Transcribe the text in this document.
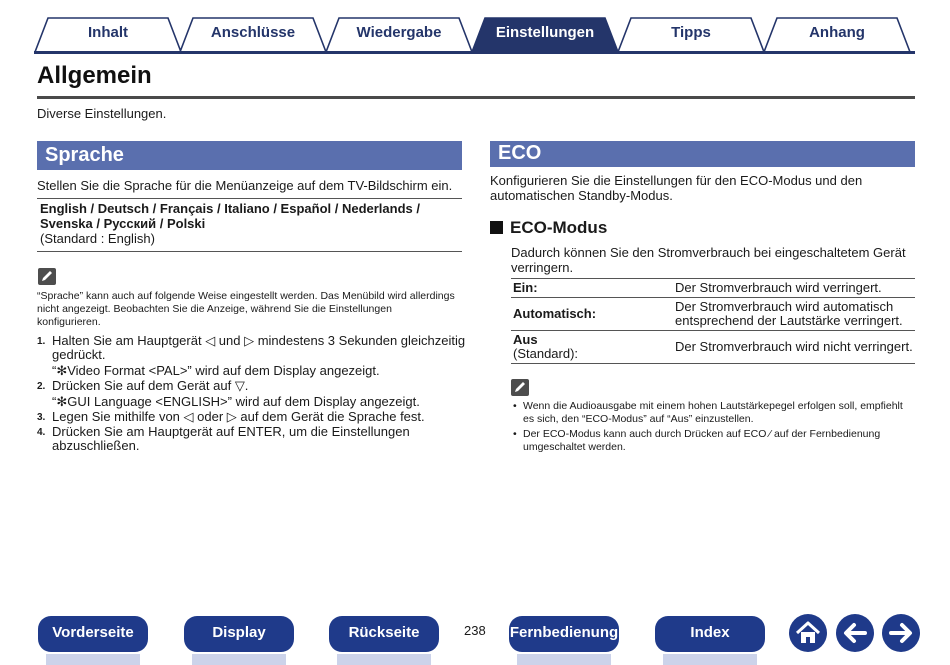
Inhalt	Anschlüsse	Wiedergabe	Einstellungen	Tipps	Anhang
Allgemein
Diverse Einstellungen.
Sprache
Stellen Sie die Sprache für die Menüanzeige auf dem TV-Bildschirm ein.
English / Deutsch / Français / Italiano / Español / Nederlands /
Svenska / Русский / Polski
(Standard : English)
“Sprache” kann auch auf folgende Weise eingestellt werden. Das Menübild wird allerdings nicht angezeigt. Beobachten Sie die Anzeige, während Sie die Einstellungen konfigurieren.
1. Halten Sie am Hauptgerät ◁ und ▷ mindestens 3 Sekunden gleichzeitig gedrückt.
“✻Video Format <PAL>” wird auf dem Display angezeigt.
2. Drücken Sie auf dem Gerät auf ▽.
“✻GUI Language <ENGLISH>” wird auf dem Display angezeigt.
3. Legen Sie mithilfe von ◁ oder ▷ auf dem Gerät die Sprache fest.
4. Drücken Sie am Hauptgerät auf ENTER, um die Einstellungen abzuschließen.
ECO
Konfigurieren Sie die Einstellungen für den ECO-Modus und den automatischen Standby-Modus.
ECO-Modus
Dadurch können Sie den Stromverbrauch bei eingeschaltetem Gerät verringern.
Ein:	Der Stromverbrauch wird verringert.
Automatisch:	Der Stromverbrauch wird automatisch entsprechend der Lautstärke verringert.
Aus
(Standard):	Der Stromverbrauch wird nicht verringert.
• Wenn die Audioausgabe mit einem hohen Lautstärkepegel erfolgen soll, empfiehlt es sich, den “ECO-Modus” auf “Aus” einzustellen.
• Der ECO-Modus kann auch durch Drücken auf ECO ⁄ auf der Fernbedienung umgeschaltet werden.
Vorderseite	Display	Rückseite	238 Fernbedienung	Index
